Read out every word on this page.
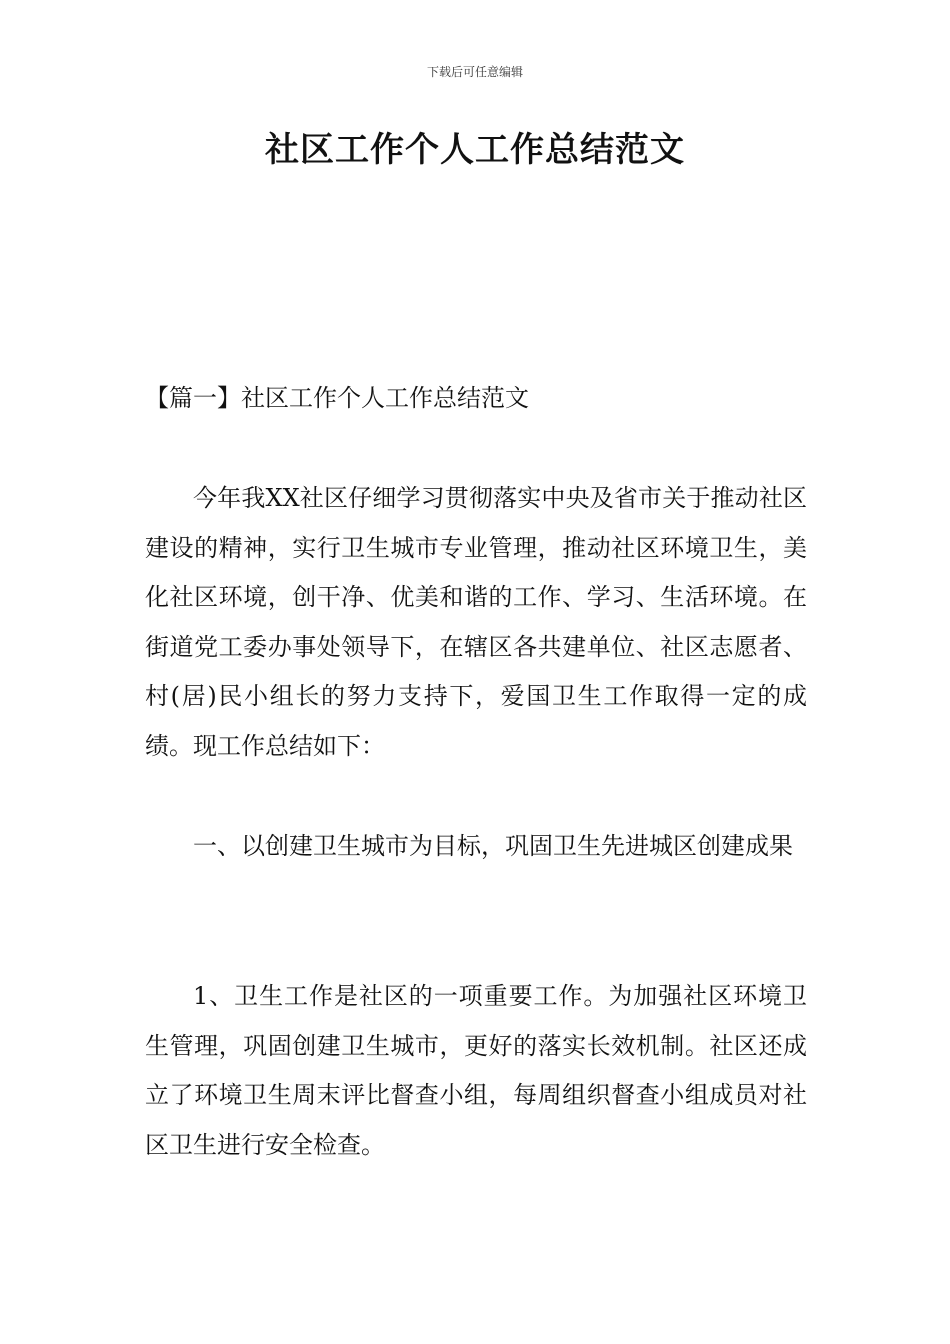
下载后可任意编辑
社区工作个人工作总结范文

【篇一】社区工作个人工作总结范文

今年我XX社区仔细学习贯彻落实中央及省市关于推动社区建设的精神，实行卫生城市专业管理，推动社区环境卫生，美化社区环境，创干净、优美和谐的工作、学习、生活环境。在街道党工委办事处领导下，在辖区各共建单位、社区志愿者、村(居)民小组长的努力支持下，爱国卫生工作取得一定的成绩。现工作总结如下：

一、以创建卫生城市为目标，巩固卫生先进城区创建成果

1、卫生工作是社区的一项重要工作。为加强社区环境卫生管理，巩固创建卫生城市，更好的落实长效机制。社区还成立了环境卫生周末评比督查小组，每周组织督查小组成员对社区卫生进行安全检查。
